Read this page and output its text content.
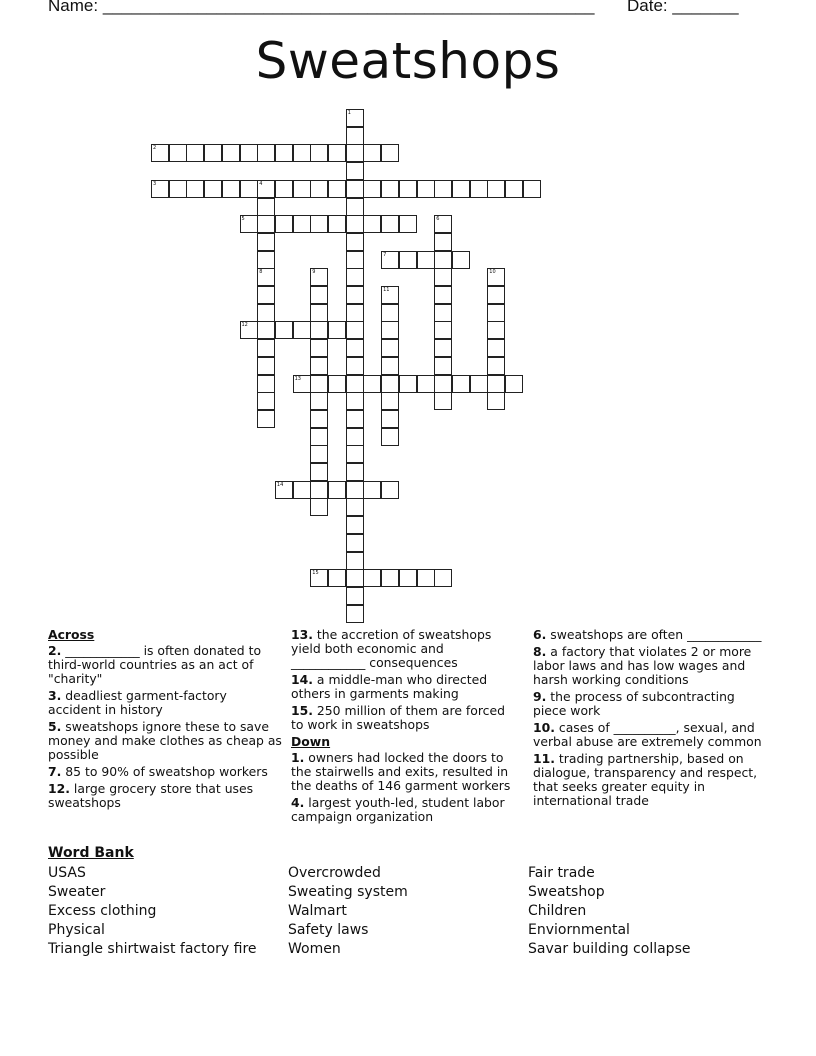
Name: ____________________________________________________ Date: _______
Sweatshops
1
2
3	4
5	6
7
8	9	10
11
12
13
14
15
Across
2. ____________ is often donated to third-world countries as an act of "charity"
3. deadliest garment-factory accident in history
5. sweatshops ignore these to save money and make clothes as cheap as possible
7. 85 to 90% of sweatshop workers
12. large grocery store that uses sweatshops
13. the accretion of sweatshops yield both economic and ____________ consequences
14. a middle-man who directed others in garments making
15. 250 million of them are forced to work in sweatshops
Down
1. owners had locked the doors to the stairwells and exits, resulted in the deaths of 146 garment workers
4. largest youth-led, student labor campaign organization
6. sweatshops are often ____________
8. a factory that violates 2 or more labor laws and has low wages and harsh working conditions
9. the process of subcontracting piece work
10. cases of __________, sexual, and verbal abuse are extremely common
11. trading partnership, based on dialogue, transparency and respect, that seeks greater equity in international trade
Word Bank
USAS
Sweater
Excess clothing
Physical
Triangle shirtwaist factory fire
Overcrowded
Sweating system
Walmart
Safety laws
Women
Fair trade
Sweatshop
Children
Enviornmental
Savar building collapse
